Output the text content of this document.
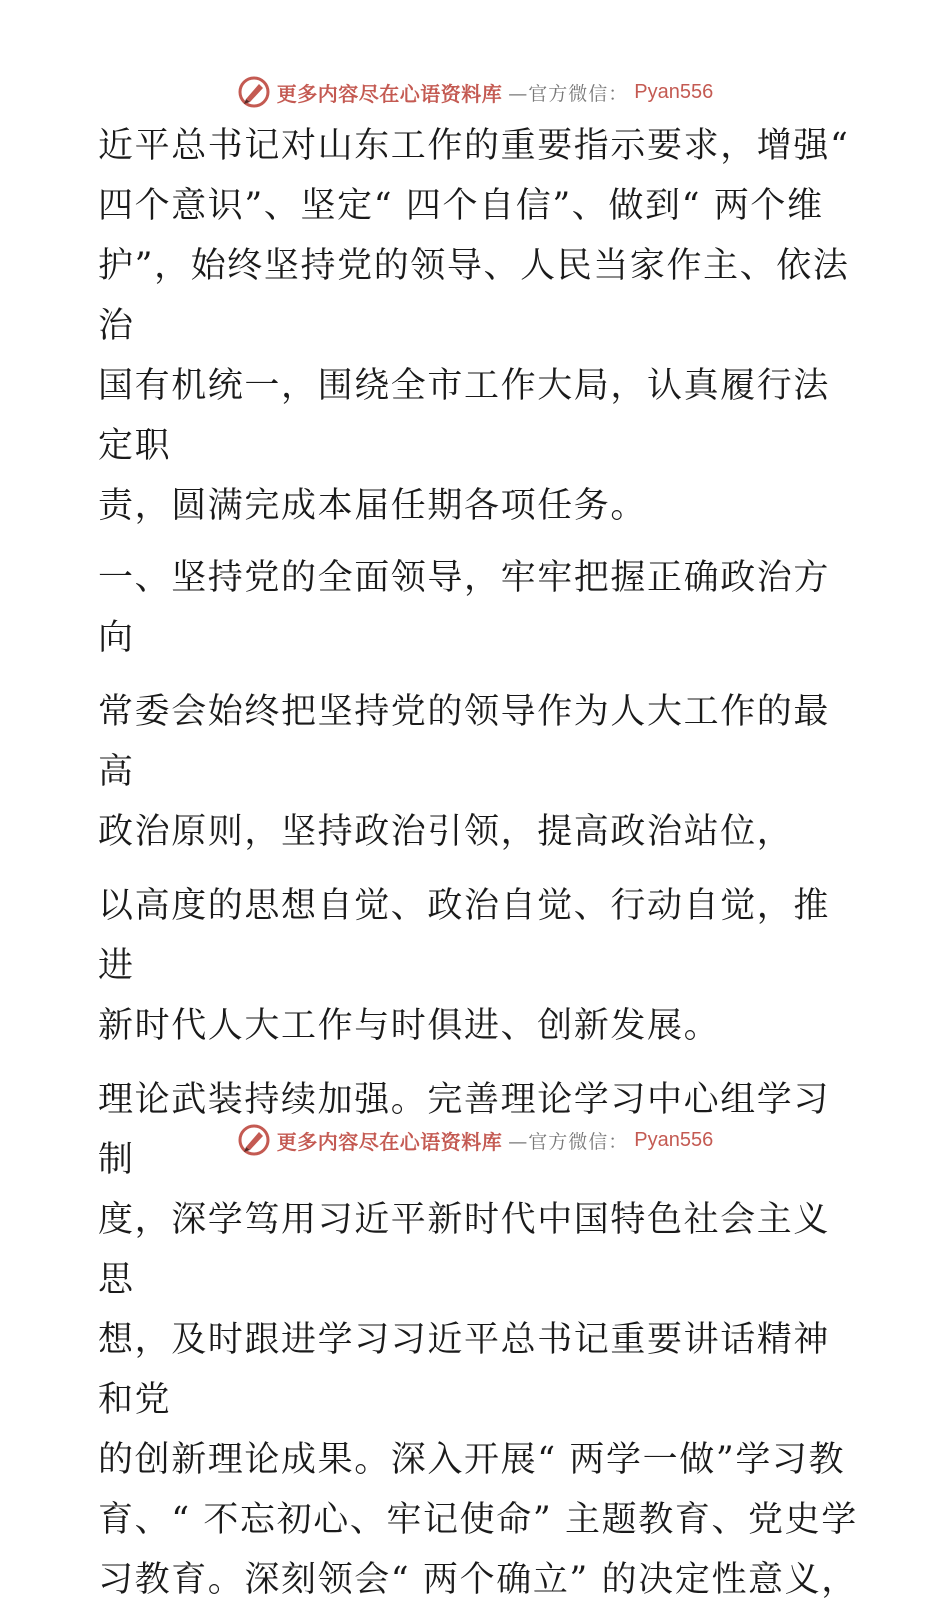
更多内容尽在心语资料库 —官方微信： Pyan556

近平总书记对山东工作的重要指示要求，增强“
四个意识”、坚定“ 四个自信”、做到“ 两个维
护”，始终坚持党的领导、人民当家作主、依法治
国有机统一，围绕全市工作大局，认真履行法定职
责，圆满完成本届任期各项任务。

一、坚持党的全面领导，牢牢把握正确政治方向

常委会始终把坚持党的领导作为人大工作的最高
政治原则，坚持政治引领，提高政治站位，

以高度的思想自觉、政治自觉、行动自觉，推进
新时代人大工作与时俱进、创新发展。

理论武装持续加强。完善理论学习中心组学习制
度，深学笃用习近平新时代中国特色社会主义思
想，及时跟进学习习近平总书记重要讲话精神和党
的创新理论成果。深入开展“ 两学一做”学习教
育、“ 不忘初心、牢记使命” 主题教育、党史学
习教育。深刻领会“ 两个确立” 的决定性意义，

更多内容尽在心语资料库 —官方微信： Pyan556
